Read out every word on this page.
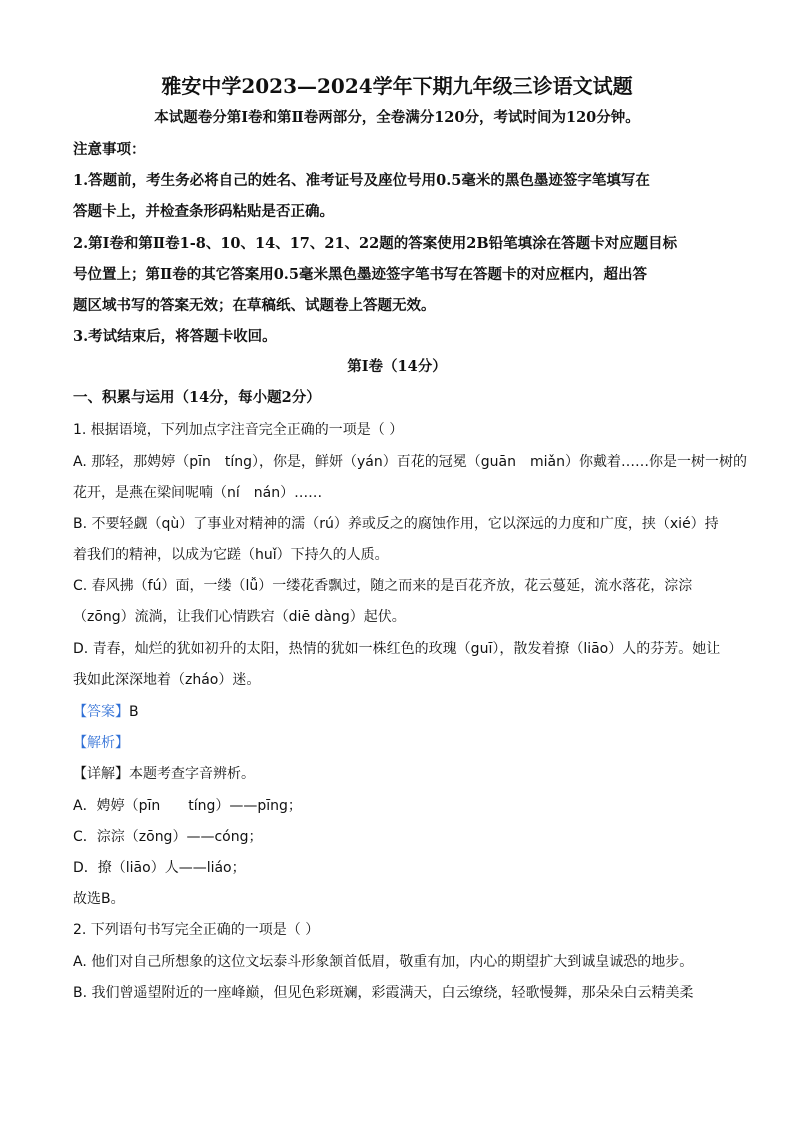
雅安中学2023—2024学年下期九年级三诊语文试题
本试题卷分第Ⅰ卷和第Ⅱ卷两部分，全卷满分120分，考试时间为120分钟。
注意事项：
1.答题前，考生务必将自己的姓名、准考证号及座位号用0.5毫米的黑色墨迹签字笔填写在
答题卡上，并检查条形码粘贴是否正确。
2.第Ⅰ卷和第Ⅱ卷1-8、10、14、17、21、22题的答案使用2B铅笔填涂在答题卡对应题目标
号位置上；第Ⅱ卷的其它答案用0.5毫米黑色墨迹签字笔书写在答题卡的对应框内，超出答
题区域书写的答案无效；在草稿纸、试题卷上答题无效。
3.考试结束后，将答题卡收回。
第Ⅰ卷（14分）
一、积累与运用（14分，每小题2分）
1. 根据语境，下列加点字注音完全正确的一项是（ ）
A. 那轻，那娉婷（pīn　tíng），你是，鲜妍（yán）百花的冠冕（guān　miǎn）你戴着……你是一树一树的
花开，是燕在梁间呢喃（ní　nán）……
B. 不要轻觑（qù）了事业对精神的濡（rú）养或反之的腐蚀作用，它以深远的力度和广度，挟（xié）持
着我们的精神，以成为它蹉（huǐ）下持久的人质。
C. 春风拂（fú）面，一缕（lǚ）一缕花香飘过，随之而来的是百花齐放，花云蔓延，流水落花，淙淙
（zōng）流淌，让我们心情跌宕（diē dàng）起伏。
D. 青春，灿烂的犹如初升的太阳，热情的犹如一株红色的玫瑰（guī），散发着撩（liāo）人的芬芳。她让
我如此深深地着（zháo）迷。
【答案】B
【解析】
【详解】本题考查字音辨析。
A．娉婷（pīn　　tíng）——pīng；
C．淙淙（zōng）——cóng；
D．撩（liāo）人——liáo；
故选B。
2. 下列语句书写完全正确的一项是（ ）
A. 他们对自己所想象的这位文坛泰斗形象颔首低眉，敬重有加，内心的期望扩大到诚皇诚恐的地步。
B. 我们曾遥望附近的一座峰巅，但见色彩斑斓，彩霞满天，白云缭绕，轻歌慢舞，那朵朵白云精美柔
